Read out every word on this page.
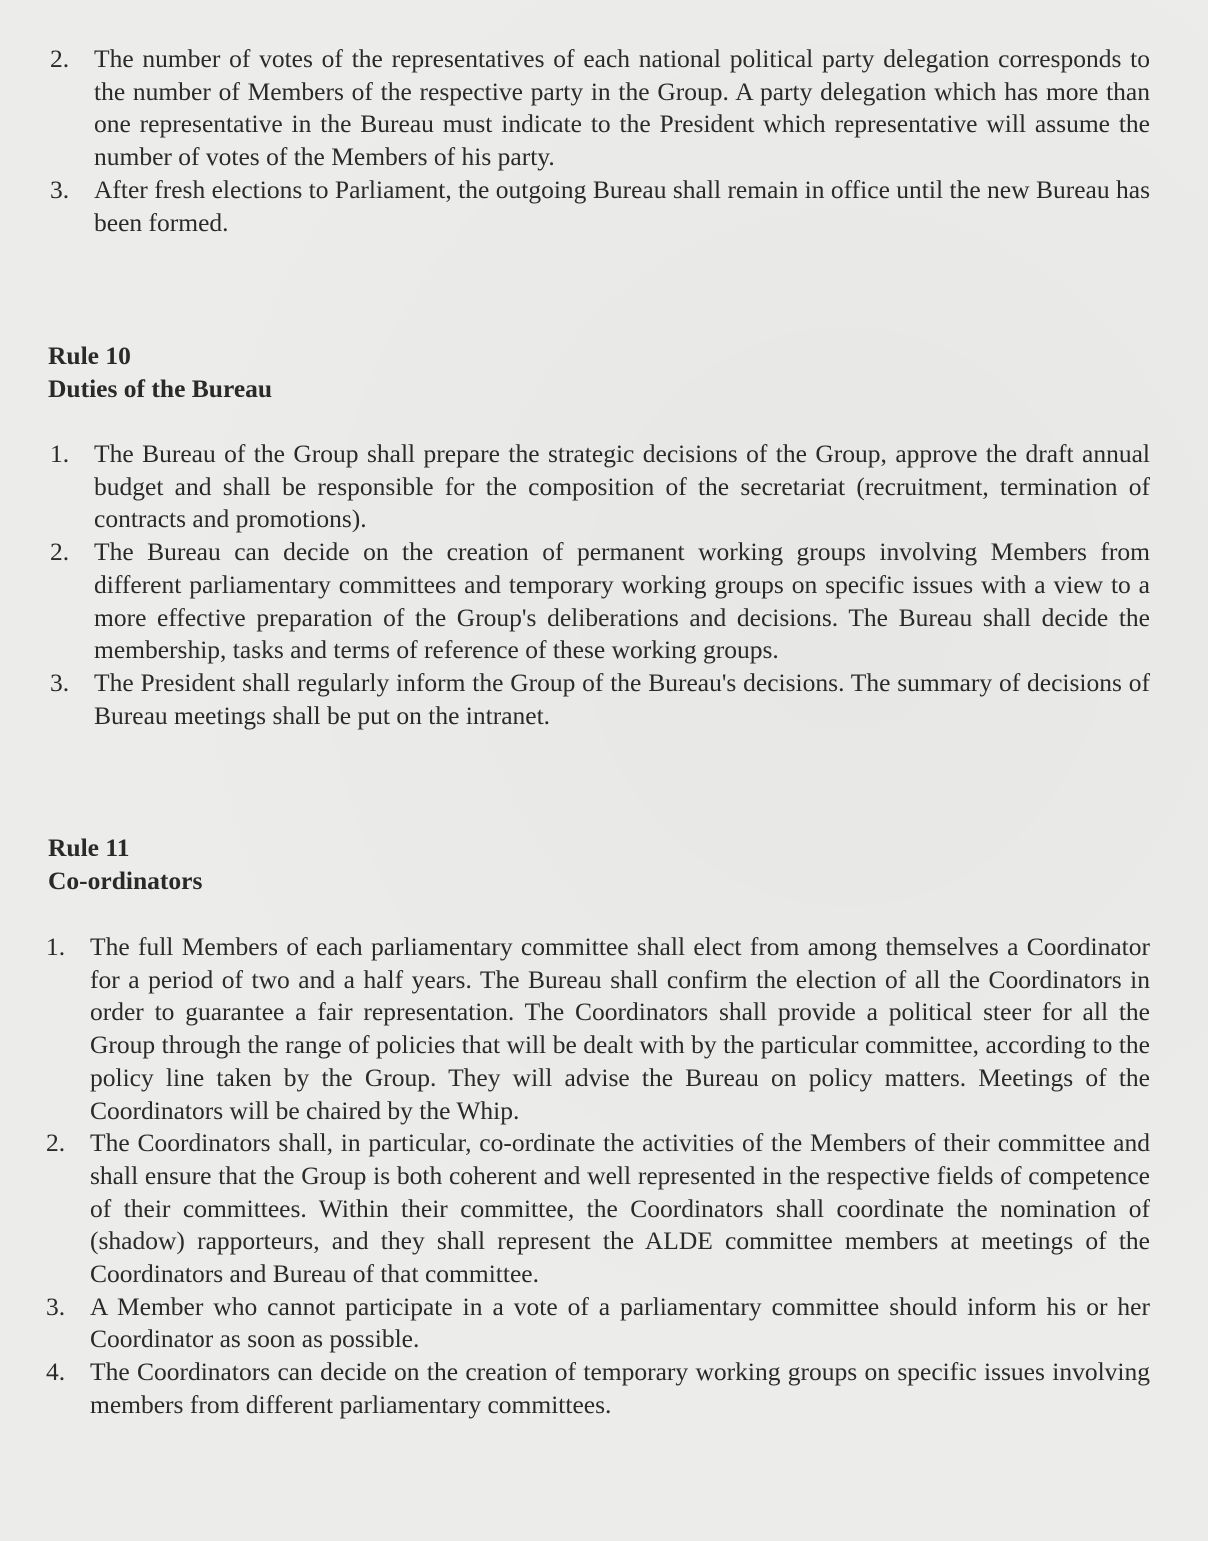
2. The number of votes of the representatives of each national political party delegation corresponds to the number of Members of the respective party in the Group. A party delegation which has more than one representative in the Bureau must indicate to the President which representative will assume the number of votes of the Members of his party.
3. After fresh elections to Parliament, the outgoing Bureau shall remain in office until the new Bureau has been formed.
Rule 10
Duties of the Bureau
1. The Bureau of the Group shall prepare the strategic decisions of the Group, approve the draft annual budget and shall be responsible for the composition of the secretariat (recruitment, termination of contracts and promotions).
2. The Bureau can decide on the creation of permanent working groups involving Members from different parliamentary committees and temporary working groups on specific issues with a view to a more effective preparation of the Group's deliberations and decisions. The Bureau shall decide the membership, tasks and terms of reference of these working groups.
3. The President shall regularly inform the Group of the Bureau's decisions. The summary of decisions of Bureau meetings shall be put on the intranet.
Rule 11
Co-ordinators
1. The full Members of each parliamentary committee shall elect from among themselves a Coordinator for a period of two and a half years. The Bureau shall confirm the election of all the Coordinators in order to guarantee a fair representation. The Coordinators shall provide a political steer for all the Group through the range of policies that will be dealt with by the particular committee, according to the policy line taken by the Group. They will advise the Bureau on policy matters. Meetings of the Coordinators will be chaired by the Whip.
2. The Coordinators shall, in particular, co-ordinate the activities of the Members of their committee and shall ensure that the Group is both coherent and well represented in the respective fields of competence of their committees. Within their committee, the Coordinators shall coordinate the nomination of (shadow) rapporteurs, and they shall represent the ALDE committee members at meetings of the Coordinators and Bureau of that committee.
3. A Member who cannot participate in a vote of a parliamentary committee should inform his or her Coordinator as soon as possible.
4. The Coordinators can decide on the creation of temporary working groups on specific issues involving members from different parliamentary committees.
